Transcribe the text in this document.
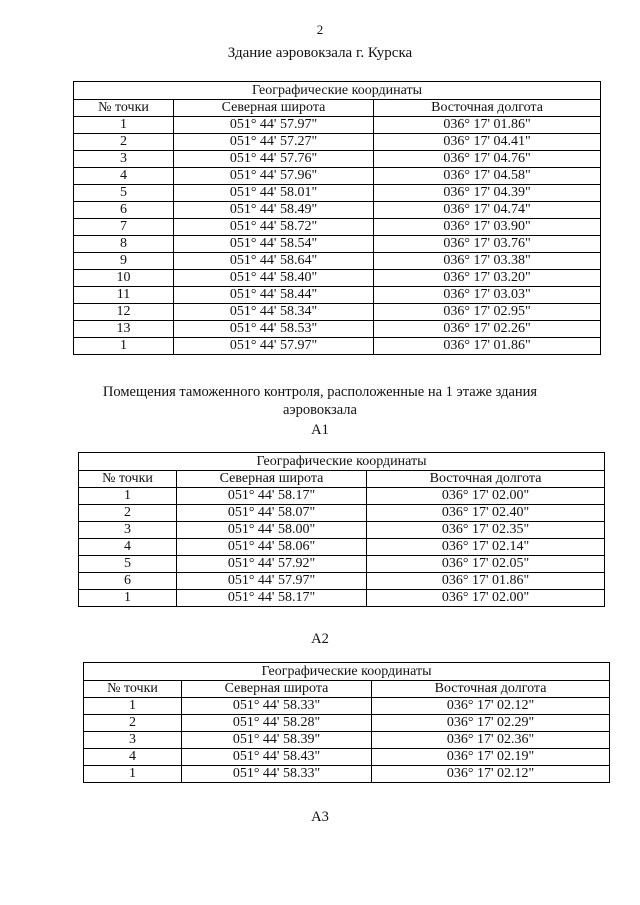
2
Здание аэровокзала г. Курска
Географические координаты		
№ точки	Северная широта	Восточная долгота
1	051° 44' 57.97"	036° 17' 01.86"
2	051° 44' 57.27"	036° 17' 04.41"
3	051° 44' 57.76"	036° 17' 04.76"
4	051° 44' 57.96"	036° 17' 04.58"
5	051° 44' 58.01"	036° 17' 04.39"
6	051° 44' 58.49"	036° 17' 04.74"
7	051° 44' 58.72"	036° 17' 03.90"
8	051° 44' 58.54"	036° 17' 03.76"
9	051° 44' 58.64"	036° 17' 03.38"
10	051° 44' 58.40"	036° 17' 03.20"
11	051° 44' 58.44"	036° 17' 03.03"
12	051° 44' 58.34"	036° 17' 02.95"
13	051° 44' 58.53"	036° 17' 02.26"
1	051° 44' 57.97"	036° 17' 01.86"
Помещения таможенного контроля, расположенные на 1 этаже здания
аэровокзала
А1
Географические координаты		
№ точки	Северная широта	Восточная долгота
1	051° 44' 58.17"	036° 17' 02.00"
2	051° 44' 58.07"	036° 17' 02.40"
3	051° 44' 58.00"	036° 17' 02.35"
4	051° 44' 58.06"	036° 17' 02.14"
5	051° 44' 57.92"	036° 17' 02.05"
6	051° 44' 57.97"	036° 17' 01.86"
1	051° 44' 58.17"	036° 17' 02.00"
А2
Географические координаты		
№ точки	Северная широта	Восточная долгота
1	051° 44' 58.33"	036° 17' 02.12"
2	051° 44' 58.28"	036° 17' 02.29"
3	051° 44' 58.39"	036° 17' 02.36"
4	051° 44' 58.43"	036° 17' 02.19"
1	051° 44' 58.33"	036° 17' 02.12"
А3
